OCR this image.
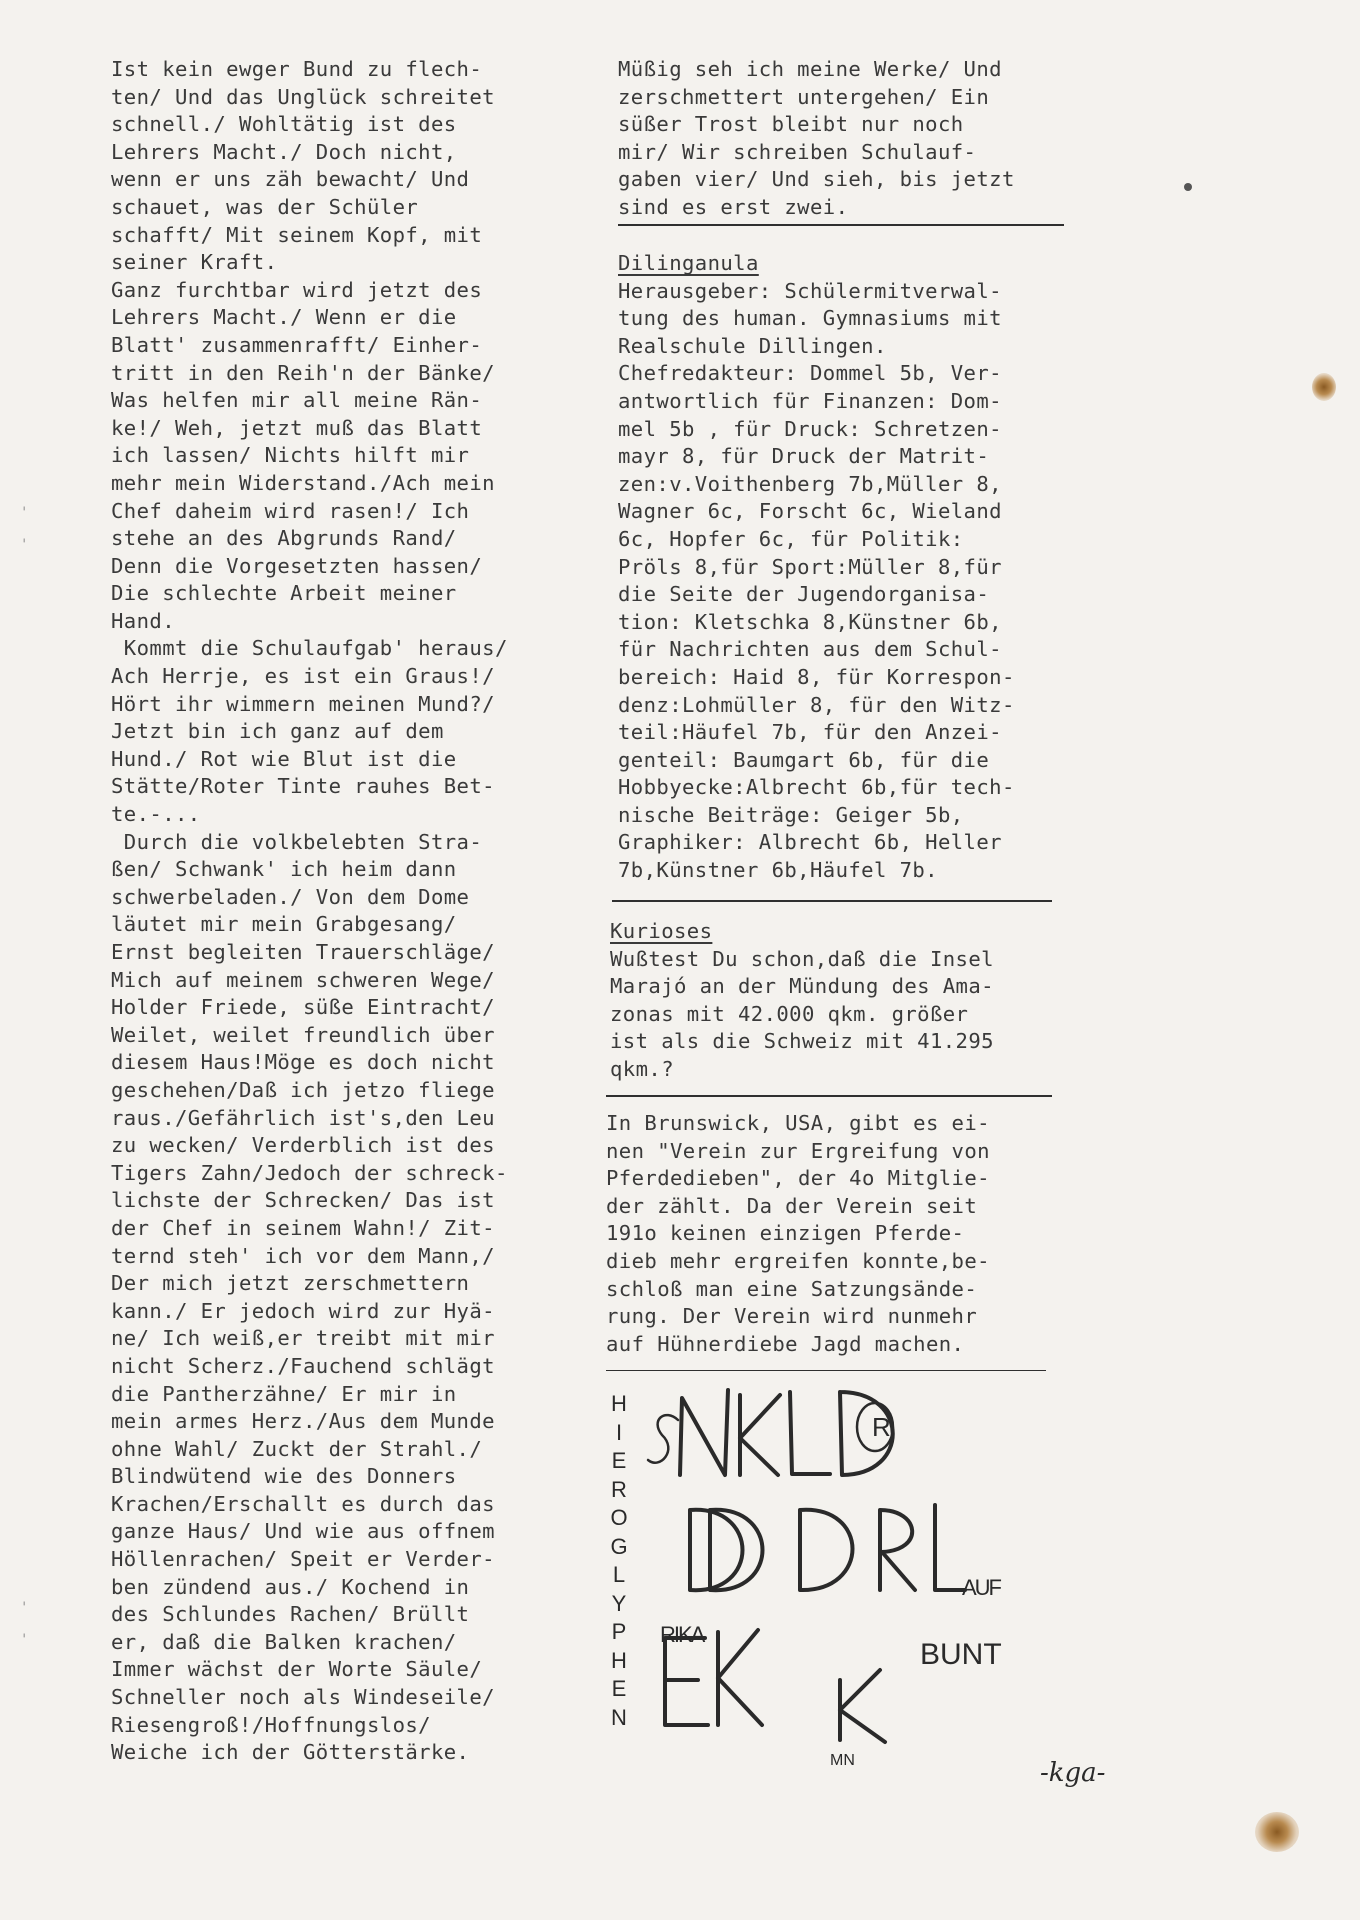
Ist kein ewger Bund zu flech-
ten/ Und das Unglück schreitet
schnell./ Wohltätig ist des
Lehrers Macht./ Doch nicht,
wenn er uns zäh bewacht/ Und
schauet, was der Schüler
schafft/ Mit seinem Kopf, mit
seiner Kraft.
Ganz furchtbar wird jetzt des
Lehrers Macht./ Wenn er die
Blatt' zusammenrafft/ Einher-
tritt in den Reih'n der Bänke/
Was helfen mir all meine Rän-
ke!/ Weh, jetzt muß das Blatt
ich lassen/ Nichts hilft mir
mehr mein Widerstand./Ach mein
Chef daheim wird rasen!/ Ich
stehe an des Abgrunds Rand/
Denn die Vorgesetzten hassen/
Die schlechte Arbeit meiner
Hand.
Kommt die Schulaufgab' heraus/
Ach Herrje, es ist ein Graus!/
Hört ihr wimmern meinen Mund?/
Jetzt bin ich ganz auf dem
Hund./ Rot wie Blut ist die
Stätte/Roter Tinte rauhes Bet-
te.-...
Durch die volkbelebten Stra-
ßen/ Schwank' ich heim dann
schwerbeladen./ Von dem Dome
läutet mir mein Grabgesang/
Ernst begleiten Trauerschläge/
Mich auf meinem schweren Wege/
Holder Friede, süße Eintracht/
Weilet, weilet freundlich über
diesem Haus!Möge es doch nicht
geschehen/Daß ich jetzo fliege
raus./Gefährlich ist's,den Leu
zu wecken/ Verderblich ist des
Tigers Zahn/Jedoch der schreck-
lichste der Schrecken/ Das ist
der Chef in seinem Wahn!/ Zit-
ternd steh' ich vor dem Mann,/
Der mich jetzt zerschmettern
kann./ Er jedoch wird zur Hyä-
ne/ Ich weiß,er treibt mit mir
nicht Scherz./Fauchend schlägt
die Pantherzähne/ Er mir in
mein armes Herz./Aus dem Munde
ohne Wahl/ Zuckt der Strahl./
Blindwütend wie des Donners
Krachen/Erschallt es durch das
ganze Haus/ Und wie aus offnem
Höllenrachen/ Speit er Verder-
ben zündend aus./ Kochend in
des Schlundes Rachen/ Brüllt
er, daß die Balken krachen/
Immer wächst der Worte Säule/
Schneller noch als Windeseile/
Riesengroß!/Hoffnungslos/
Weiche ich der Götterstärke.
Müßig seh ich meine Werke/ Und
zerschmettert untergehen/ Ein
süßer Trost bleibt nur noch
mir/ Wir schreiben Schulauf-
gaben vier/ Und sieh, bis jetzt
sind es erst zwei.
Dilinganula
Herausgeber: Schülermitverwal-
tung des human. Gymnasiums mit
Realschule Dillingen.
Chefredakteur: Dommel 5b, Ver-
antwortlich für Finanzen: Dom-
mel 5b , für Druck: Schretzen-
mayr 8, für Druck der Matrit-
zen:v.Voithenberg 7b,Müller 8,
Wagner 6c, Forscht 6c, Wieland
6c, Hopfer 6c, für Politik:
Pröls 8,für Sport:Müller 8,für
die Seite der Jugendorganisa-
tion: Kletschka 8,Künstner 6b,
für Nachrichten aus dem Schul-
bereich: Haid 8, für Korrespon-
denz:Lohmüller 8, für den Witz-
teil:Häufel 7b, für den Anzei-
genteil: Baumgart 6b, für die
Hobbyecke:Albrecht 6b,für tech-
nische Beiträge: Geiger 5b,
Graphiker: Albrecht 6b, Heller
7b,Künstner 6b,Häufel 7b.
Kurioses
Wußtest Du schon,daß die Insel
Marajó an der Mündung des Ama-
zonas mit 42.000 qkm. größer
ist als die Schweiz mit 41.295
qkm.?
In Brunswick, USA, gibt es ei-
nen "Verein zur Ergreifung von
Pferdedieben", der 4o Mitglie-
der zählt. Da der Verein seit
191o keinen einzigen Pferde-
dieb mehr ergreifen konnte,be-
schloß man eine Satzungsände-
rung. Der Verein wird nunmehr
auf Hühnerdiebe Jagd machen.
R
AUF
RIKA
BUNT
MN
HIEROGLYPHEN
-kga-
'

'
'

'
